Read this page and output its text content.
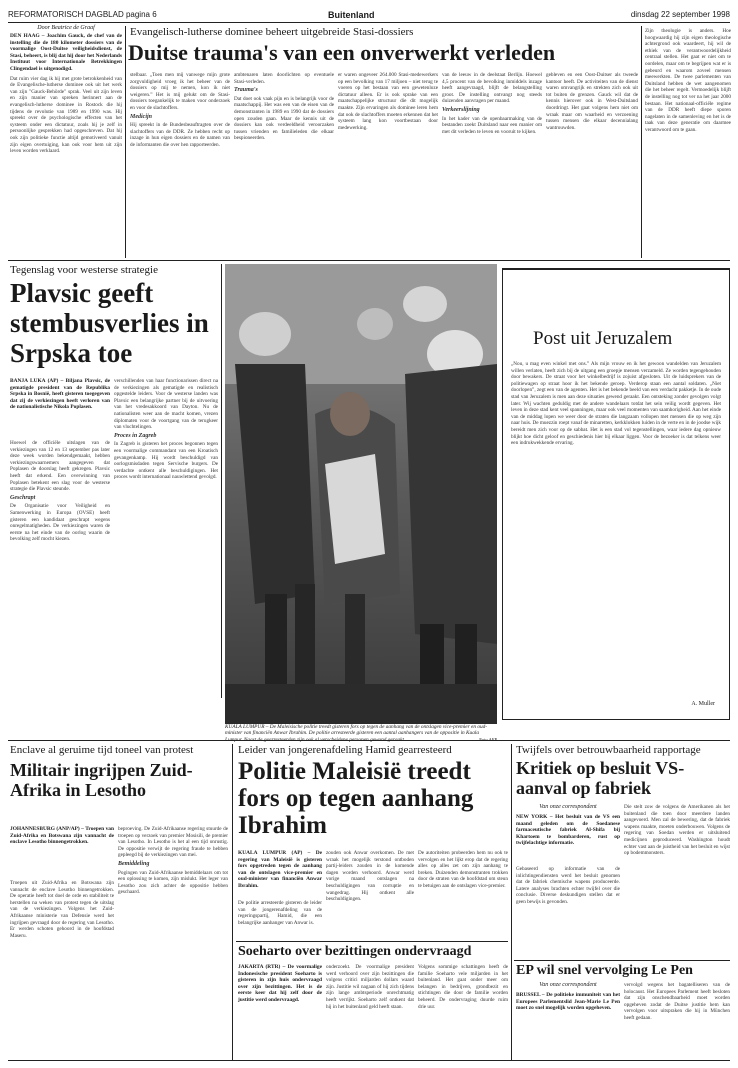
REFORMATORISCH DAGBLAD pagina 6	Buitenland	dinsdag 22 september 1998
Door Beatrice de Graaf
DEN HAAG – Joachim Gauck, de chef van de instelling die de 180 kilometer dossiers van de voormalige Oost-Duitse veiligheidsdienst, de Stasi, beheert, is blij dat hij door het Nederlands Instituut voor Internationale Betrekkingen Clingendael is uitgenodigd.
Dat ruim vier dag ik hij met grote betrokkenheid van de Evangelische-lutherse dominee ook uit het werk van zijn "Gauck-Behörde" sprak. Veel uit zijn leven en zijn manier van spreken herinnert aan de evangelisch-lutherse dominee in Rostock die hij tijdens de revolutie van 1989 en 1990 was. Hij spreekt over de psychologische effecten van het systeem onder een dictatuur, zoals hij je zelf in persoonlijke gesprekken had opgeschreven. Dat hij ook zijn politieke functie altijd gemotiveerd vanuit zijn eigen overtuiging, kan ook voor hem uit zijn leven worden verklaard.
Evangelisch-lutherse dominee beheert uitgebreide Stasi-dossiers
Duitse trauma's van een onverwerkt verleden
stelbaar. „Toen men mij vanwege mijn grote zorgvuldigheid vroeg ik het beheer van de dossiers op mij te nemen, kon ik niet weigeren.” Het is mij gelukt om de Stasi-dossiers toegankelijk te maken voor onderzoek en voor de slachtoffers.
Medicijn
Hij spreekt in de Bundesbeauftragten over de slachtoffers van de DDR. Ze hebben recht op inzage in hun eigen dossiers en de namen van de informanten die over hen rapporteerden.
ambtenaren laten doorlichten op eventuele Stasi-verleden.
Trauma's
Dat doet ook vaak pijn en is belangrijk voor de maatschappij. Het was een van de eisen van de demonstranten in 1989 en 1990 dat de dossiers open zouden gaan. Maar de kennis uit de dossiers kan ook verdeeldheid veroorzaken tussen vrienden en familieleden die elkaar bespioneerden.
er waren ongeveer 264.000 Stasi-medewerkers op een bevolking van 17 miljoen – niet terug te voeren op het bestaan van een gewetenloze dictatuur alleen. Er is ook sprake van een maatschappelijke structuur die dit mogelijk maakte. Zijn ervaringen als dominee leren hem dat ook de slachtoffers moeten erkennen dat het systeem lang kon voortbestaan door medewerking.
van de leeuw in de deelstaat Berlijn. Hoewel 4,5 procent van de bevolking inmiddels inzage heeft aangevraagd, blijft de belangstelling groot. De instelling ontvangt nog steeds duizenden aanvragen per maand.
Verkeerslijning
In het kader van de openbaarmaking van de bestanden zoekt Duitsland naar een manier om met dit verleden te leven en vooruit te kijken.
gebleven en een Oost-Duitser als tweede kantoor heeft. De activiteiten van de dienst waren omvangrijk en strekten zich ook uit tot buiten de grenzen. Gauck wil dat de kennis hierover ook in West-Duitsland doordringt. Het gaat volgens hem niet om wraak maar om waarheid en verzoening tussen mensen die elkaar decennialang wantrouwden.
Zijn theologie is anders. Hoe hoogwaardig hij zijn eigen theologische achtergrond ook waardeert, hij wil de ethiek van de verantwoordelijkheid centraal stellen. Het gaat er niet om te oordelen, maar om te begrijpen wat er is gebeurd en waarom zoveel mensen meewerkten. De twee parlementen van Duitsland hebben de wet aangenomen die het beheer regelt. Vermoedelijk blijft de instelling nog tot ver na het jaar 2000 bestaan. Het nationaal-officiële regime van de DDR heeft diepe sporen nagelaten in de samenleving en het is de taak van deze generatie om daarmee verantwoord om te gaan.
Tegenslag voor westerse strategie
Plavsic geeft stembusverlies in Srpska toe
BANJA LUKA (AP) – Biljana Plavsic, de gematigde president van de Republika Srpska in Bosnië, heeft gisteren toegegeven dat zij de verkiezingen heeft verloren van de nationalistische Nikola Poplasen.
Hoewel de officiële uitslagen van de verkiezingen van 12 en 13 september pas later deze week worden bekendgemaakt, hebben verkiezingswaarnemers aangegeven dat Poplasen de doorslag heeft gekregen. Plavsic heeft dat erkend. Een overwinning van Poplasen betekent een slag voor de westerse strategie die Plavsic steunde.
Geschrapt
De Organisatie voor Veiligheid en Samenwerking in Europa (OVSE) heeft gisteren een kandidaat geschrapt wegens onregelmatigheden. De verkiezingen waren de eerste na het einde van de oorlog waarin de bevolking zelf mocht kiezen.
verschillenden van haar functionarissen direct na de verkiezingen als gematigde en realistisch opgestelde leiders. Voor de westerse landen was Plavsic een belangrijke partner bij de uitvoering van het vredesakkoord van Dayton. Nu de nationalisten weer aan de macht komen, vrezen diplomaten voor de voortgang van de terugkeer van vluchtelingen.
Proces in Zagreb
In Zagreb is gisteren het proces begonnen tegen een voormalige commandant van een Kroatisch gevangenkamp. Hij wordt beschuldigd van oorlogsmisdaden tegen Servische burgers. De verdachte ontkent alle beschuldigingen. Het proces wordt internationaal nauwlettend gevolgd.
Post uit Jeruzalem
„Nou, u mag even winkel met ons.” Als mijn vrouw en ik het gewoon wandelden van Jeruzalem willen verlaten, heeft zich bij de uitgang een groepje mensen verzameld. Ze worden tegengehouden door bewakers. De straat voor het winkelbedrijf is zojuist afgesloten. Uit de luidsprekers van de politiewagen op straat hoor ik het bekende geroep. Verderop staan een aantal soldaten. „Niet doorlopen”, zegt een van de agenten. Het is het bekende beeld van een verdacht pakketje. In de oude stad van Jeruzalem is men aan deze situaties gewend geraakt. Een ontsteking zonder gevolgen volgt later. Wij wachten geduldig met de andere wandelaars totdat het sein veilig wordt gegeven. Het leven in deze stad kent veel spanningen, maar ook veel momenten van saamhorigheid. Aan het einde van de middag lopen we weer door de straten die langzaam vollopen met mensen die op weg zijn naar huis. De muezzin roept vanaf de minaretten, kerkklokken luiden in de verte en in de joodse wijk bereidt men zich voor op de sabbat. Het is een stad vol tegenstellingen, waar iedere dag opnieuw blijkt hoe dicht geloof en geschiedenis hier bij elkaar liggen. Voor de bezoeker is dat telkens weer een indrukwekkende ervaring.
A. Muller
KUALA LUMPUR – De Maleisische politie treedt gisteren fors op tegen de aanhang van de ontslagen vice-premier en oud-minister van financiën Anwar Ibrahim. De politie arresteerde gisteren een aantal aanhangers van de oppositie in Kuala
Enclave al geruime tijd toneel van protest
Militair ingrijpen Zuid-Afrika in Lesotho
JOHANNESBURG (ANP/AP) – Troepen van Zuid-Afrika en Botswana zijn vannacht de enclave Lesotho binnengetrokken.
Troepen uit Zuid-Afrika en Botswana zijn vannacht de enclave Lesotho binnengetrokken. De operatie heeft tot doel de orde en stabiliteit te herstellen na weken van protest tegen de uitslag van de verkiezingen. Volgens het Zuid-Afrikaanse ministerie van Defensie werd het ingrijpen gevraagd door de regering van Lesotho. Er werden schoten gehoord in de hoofdstad Maseru.
beproeving. De Zuid-Afrikaanse regering stuurde de troepen op verzoek van premier Mosisili, de premier van Lesotho. In Lesotho is het al een tijd onrustig. De oppositie verwijt de regering fraude te hebben gepleegd bij de verkiezingen van mei.
Bemiddeling
Pogingen van Zuid-Afrikaanse bemiddelaars om tot een oplossing te komen, zijn mislukt. Het leger van Lesotho zou zich achter de oppositie hebben geschaard.
Leider van jongerenafdeling Hamid gearresteerd
Politie Maleisië treedt fors op tegen aanhang Ibrahim
KUALA LUMPUR (AP) – De regering van Maleisië is gisteren fors opgetreden tegen de aanhang van de ontslagen vice-premier en oud-minister van financiën Anwar Ibrahim.
De politie arresteerde gisteren de leider van de jongerenafdeling van de regeringspartij, Hamid, die een belangrijke aanhanger van Anwar is.
zouden ook Anwar overkomen. De met wraak het mogelijk terstond ontboden partij-leiders zouden in de komende dagen worden verhoord. Anwar werd vorige maand ontslagen na beschuldigingen van corruptie en wangedrag. Hij ontkent alle beschuldigingen.
De autoriteiten probeerden hem nu ook te vervolgen en het lijkt erop dat de regering alles op alles zet om zijn aanhang te breken. Duizenden demonstranten trokken door de straten van de hoofdstad om steun te betuigen aan de ontslagen vice-premier.
Soeharto over bezittingen ondervraagd
JAKARTA (RTR) – De voormalige Indonesische president Soeharto is gisteren in zijn huis ondervraagd over zijn bezittingen. Het is de eerste keer dat hij zelf door de justitie werd ondervraagd.
onderzoekt. De voormalige president werd verhoord over zijn bezittingen die volgens critici miljarden dollars waard zijn. Justitie wil nagaan of hij zich tijdens zijn lange ambtsperiode onrechtmatig heeft verrijkt. Soeharto zelf ontkent dat hij in het buitenland geld heeft staan.
Volgens sommige schattingen heeft de familie Soeharto vele miljarden in het buitenland. Het gaat onder meer om belangen in bedrijven, grondbezit en stichtingen die door de familie worden beheerd. De ondervraging duurde ruim drie uur.
Twijfels over betrouwbaarheid rapportage
Kritiek op besluit VS-aanval op fabriek
Van onze correspondent
NEW YORK – Het besluit van de VS een maand geleden om de Soedanese farmaceutische fabriek Al-Shifa bij Khartoem te bombarderen, rust op twijfelachtige informatie.
Gebaseerd op informatie van de inlichtingendiensten werd het besluit genomen dat de fabriek chemische wapens produceerde. Latere analyses brachten echter twijfel over die conclusie. Diverse deskundigen stellen dat er geen bewijs is gevonden.
Die stelt zow de volgens de Amerikanen als het buitenland die toen door meerdere landen aangevoerd. Men zal de bewering, dat de fabriek wapens maakte, moeten onderbouwen. Volgens de regering van Soedan werden er uitsluitend medicijnen geproduceerd. Washington houdt echter vast aan de juistheid van het besluit en wijst op bodemmonsters.
EP wil snel vervolging Le Pen
Van onze correspondent
BRUSSEL – De politieke immuniteit van het Europees Parlementslid Jean-Marie Le Pen moet zo snel mogelijk worden opgeheven.
vervolgd wegens het bagatelliseren van de holocaust. Het Europees Parlement heeft besloten dat zijn onschendbaarheid moet worden opgeheven zodat de Duitse justitie hem kan vervolgen voor uitspraken die hij in München heeft gedaan.
